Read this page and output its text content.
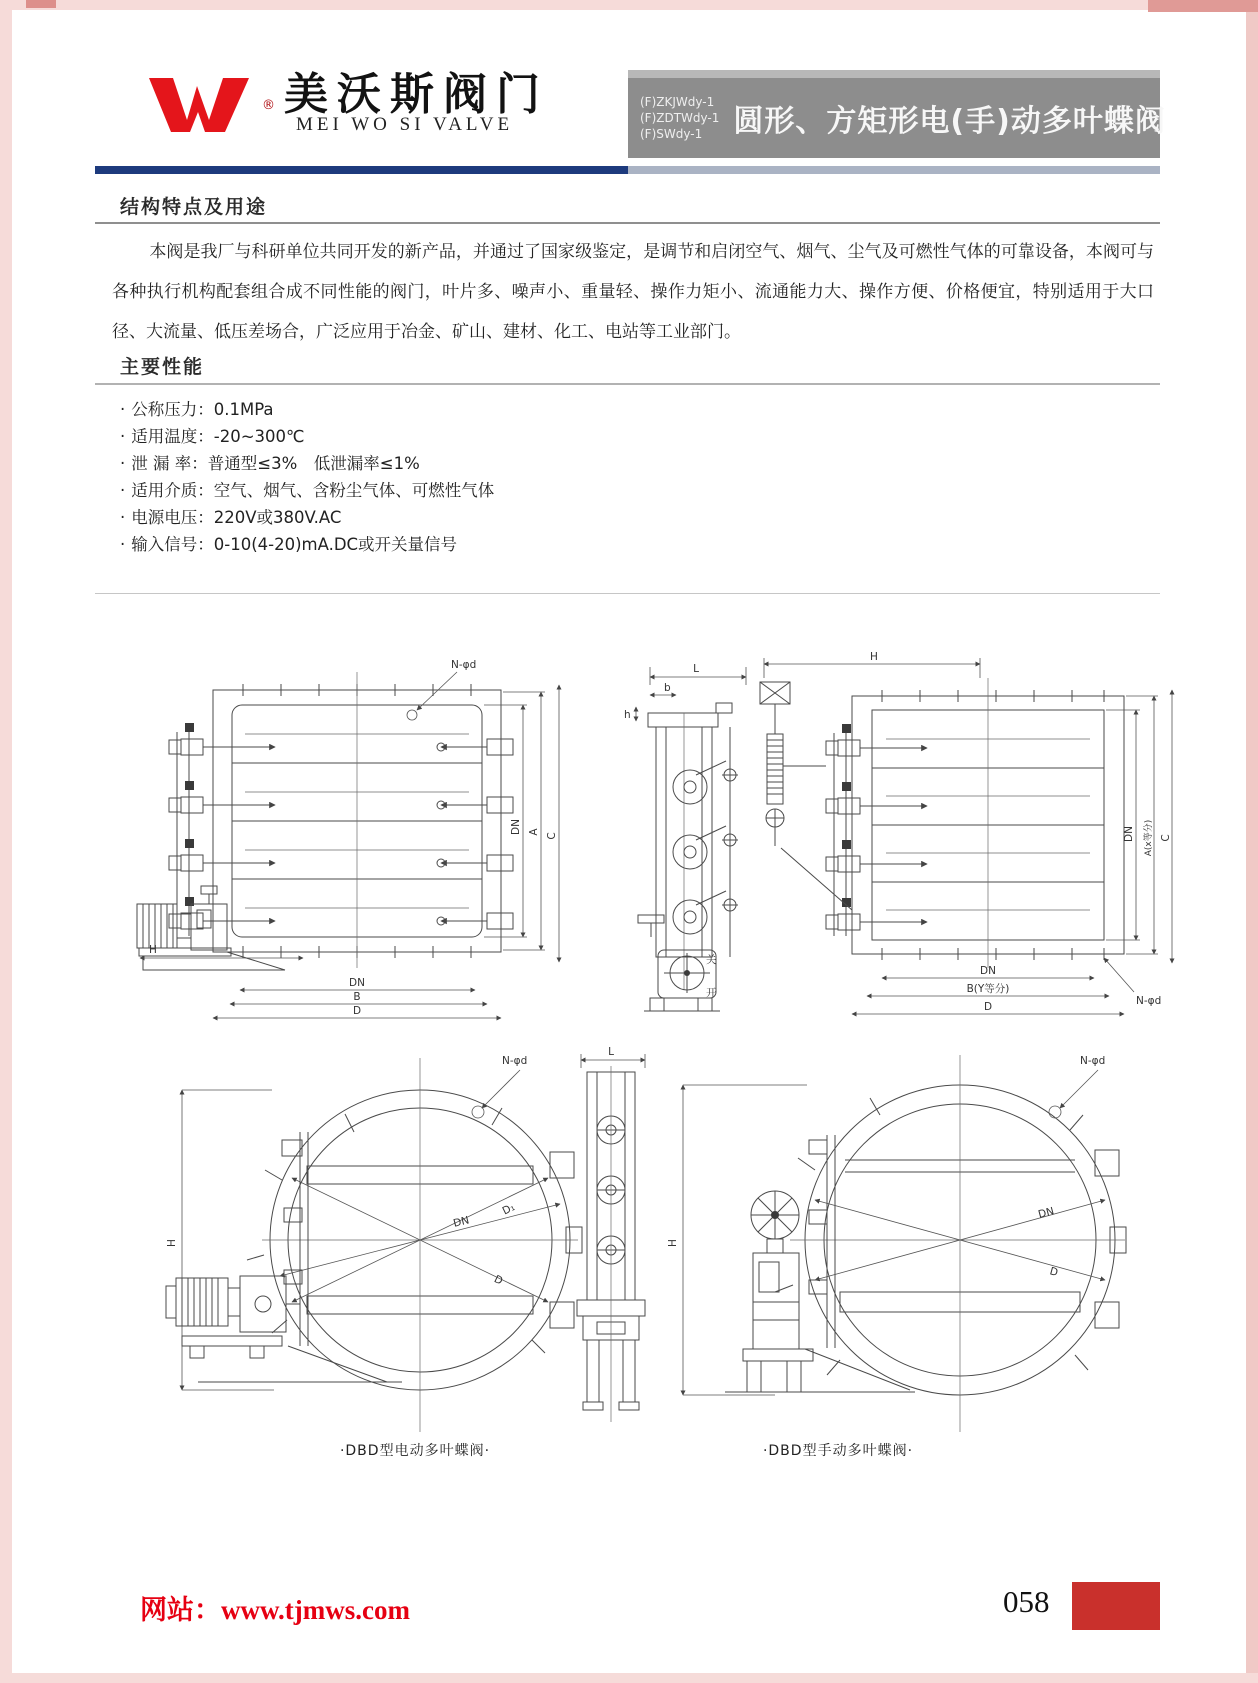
® 美沃斯阀门
MEI WO SI VALVE
(F)ZKJWdy-1
(F)ZDTWdy-1
(F)SWdy-1	圆形、方矩形电(手)动多叶蝶阀
结构特点及用途
本阀是我厂与科研单位共同开发的新产品，并通过了国家级鉴定，是调节和启闭空气、烟气、尘气及可燃性气体的可靠设备，本阀可与各种执行机构配套组合成不同性能的阀门，叶片多、噪声小、重量轻、操作力矩小、流通能力大、操作方便、价格便宜，特别适用于大口径、大流量、低压差场合，广泛应用于冶金、矿山、建材、化工、电站等工业部门。
主要性能
· 公称压力：0.1MPa
· 适用温度：-20~300℃
· 泄 漏 率：普通型≤3%　低泄漏率≤1%
· 适用介质：空气、烟气、含粉尘气体、可燃性气体
· 电源电压：220V或380V.AC
· 输入信号：0-10(4-20)mA.DC或开关量信号
N-φd
DN A
C
H
DN
B
D
L
b
h
关
开
H
DN A(x等分) C
DN
B(Y等分)
D	N-φd
N-φd
DN
D₁
D
H
L
N-φd
DN
D
H
·DBD型电动多叶蝶阀·	·DBD型手动多叶蝶阀·
网站：www.tjmws.com	058
